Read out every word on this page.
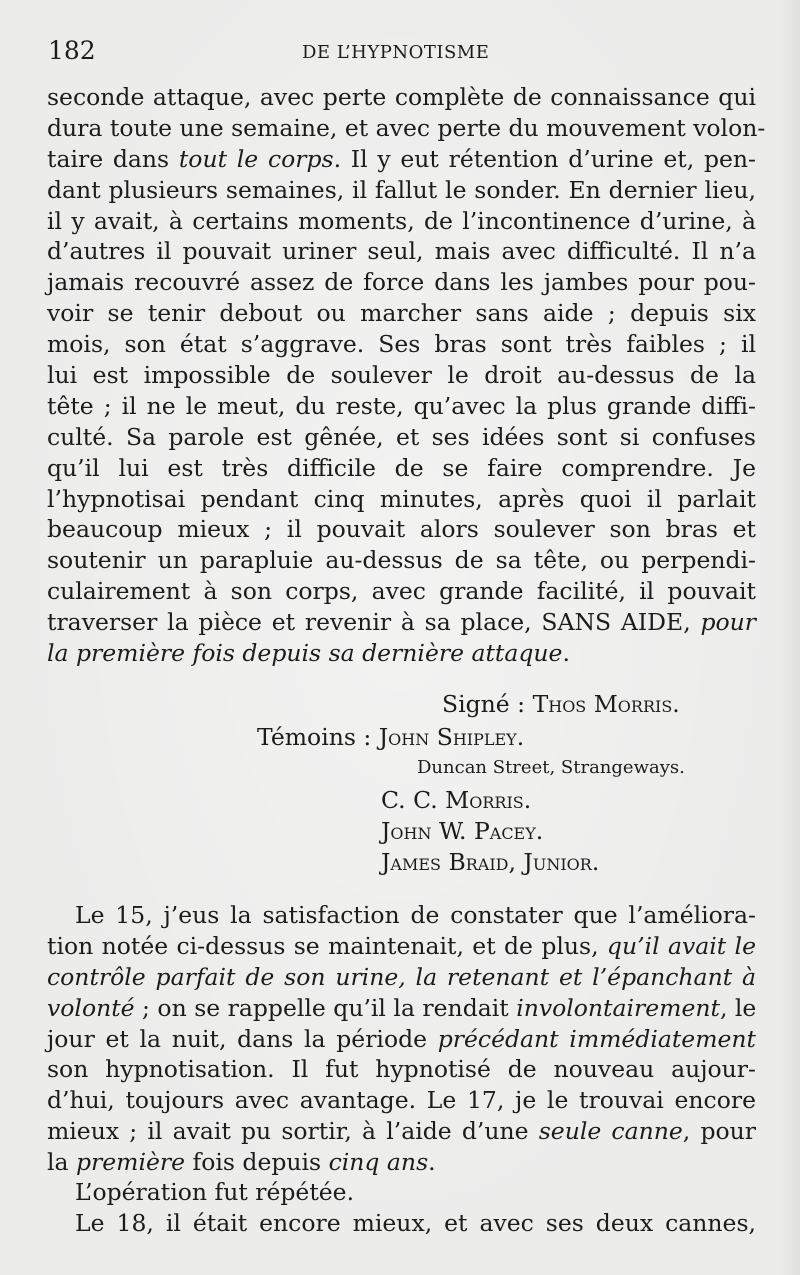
182	DE L’HYPNOTISME
seconde attaque, avec perte complète de connaissance qui
dura toute une semaine, et avec perte du mouvement volon-
taire dans tout le corps. Il y eut rétention d’urine et, pen-
dant plusieurs semaines, il fallut le sonder. En dernier lieu,
il y avait, à certains moments, de l’incontinence d’urine, à
d’autres il pouvait uriner seul, mais avec difficulté. Il n’a
jamais recouvré assez de force dans les jambes pour pou-
voir se tenir debout ou marcher sans aide ; depuis six
mois, son état s’aggrave. Ses bras sont très faibles ; il
lui est impossible de soulever le droit au-dessus de la
tête ; il ne le meut, du reste, qu’avec la plus grande diffi-
culté. Sa parole est gênée, et ses idées sont si confuses
qu’il lui est très difficile de se faire comprendre. Je
l’hypnotisai pendant cinq minutes, après quoi il parlait
beaucoup mieux ; il pouvait alors soulever son bras et
soutenir un parapluie au-dessus de sa tête, ou perpendi-
culairement à son corps, avec grande facilité, il pouvait
traverser la pièce et revenir à sa place, SANS AIDE, pour
la première fois depuis sa dernière attaque.
Signé : Thos Morris.
Témoins : John Shipley.
Duncan Street, Strangeways.
C. C. Morris.
John W. Pacey.
James Braid, Junior.
Le 15, j’eus la satisfaction de constater que l’améliora-
tion notée ci-dessus se maintenait, et de plus, qu’il avait le
contrôle parfait de son urine, la retenant et l’épanchant à
volonté ; on se rappelle qu’il la rendait involontairement, le
jour et la nuit, dans la période précédant immédiatement
son hypnotisation. Il fut hypnotisé de nouveau aujour-
d’hui, toujours avec avantage. Le 17, je le trouvai encore
mieux ; il avait pu sortir, à l’aide d’une seule canne, pour
la première fois depuis cinq ans.
L’opération fut répétée.
Le 18, il était encore mieux, et avec ses deux cannes,
